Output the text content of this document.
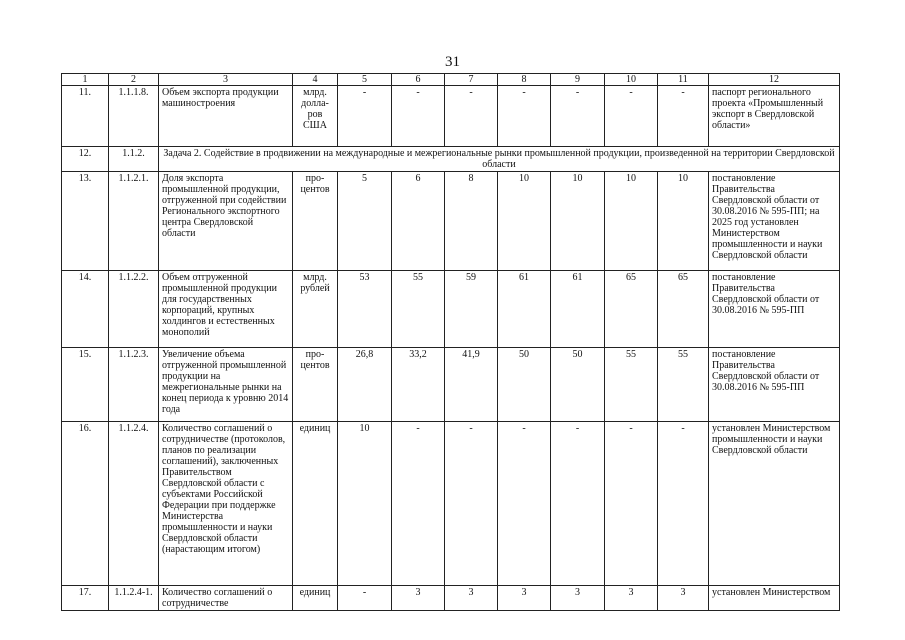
31
1	2	3	4	5	6	7	8	9	10	11	12
11.	1.1.1.8.	Объем экспорта продукции машиностроения	млрд. долла-ров США	-	-	-	-	-	-	-	паспорт регионального проекта «Промышленный экспорт в Свердловской области»
12.	1.1.2.	Задача 2. Содействие в продвижении на международные и межрегиональные рынки промышленной продукции, произведенной на территории Свердловской области									
13.	1.1.2.1.	Доля экспорта промышленной продукции, отгруженной при содействии Регионального экспортного центра Свердловской области	про-центов	5	6	8	10	10	10	10	постановление Правительства Свердловской области от 30.08.2016 № 595-ПП; на 2025 год установлен Министерством промышленности и науки Свердловской области
14.	1.1.2.2.	Объем отгруженной промышленной продукции для государственных корпораций, крупных холдингов и естественных монополий	млрд. рублей	53	55	59	61	61	65	65	постановление Правительства Свердловской области от 30.08.2016 № 595-ПП
15.	1.1.2.3.	Увеличение объема отгруженной промышленной продукции на межрегиональные рынки на конец периода к уровню 2014 года	про-центов	26,8	33,2	41,9	50	50	55	55	постановление Правительства Свердловской области от 30.08.2016 № 595-ПП
16.	1.1.2.4.	Количество соглашений о сотрудничестве (протоколов, планов по реализации соглашений), заключенных Правительством Свердловской области с субъектами Российской Федерации при поддержке Министерства промышленности и науки Свердловской области (нарастающим итогом)	единиц	10	-	-	-	-	-	-	установлен Министерством промышленности и науки Свердловской области
17.	1.1.2.4-1.	Количество соглашений о сотрудничестве	единиц	-	3	3	3	3	3	3	установлен Министерством
